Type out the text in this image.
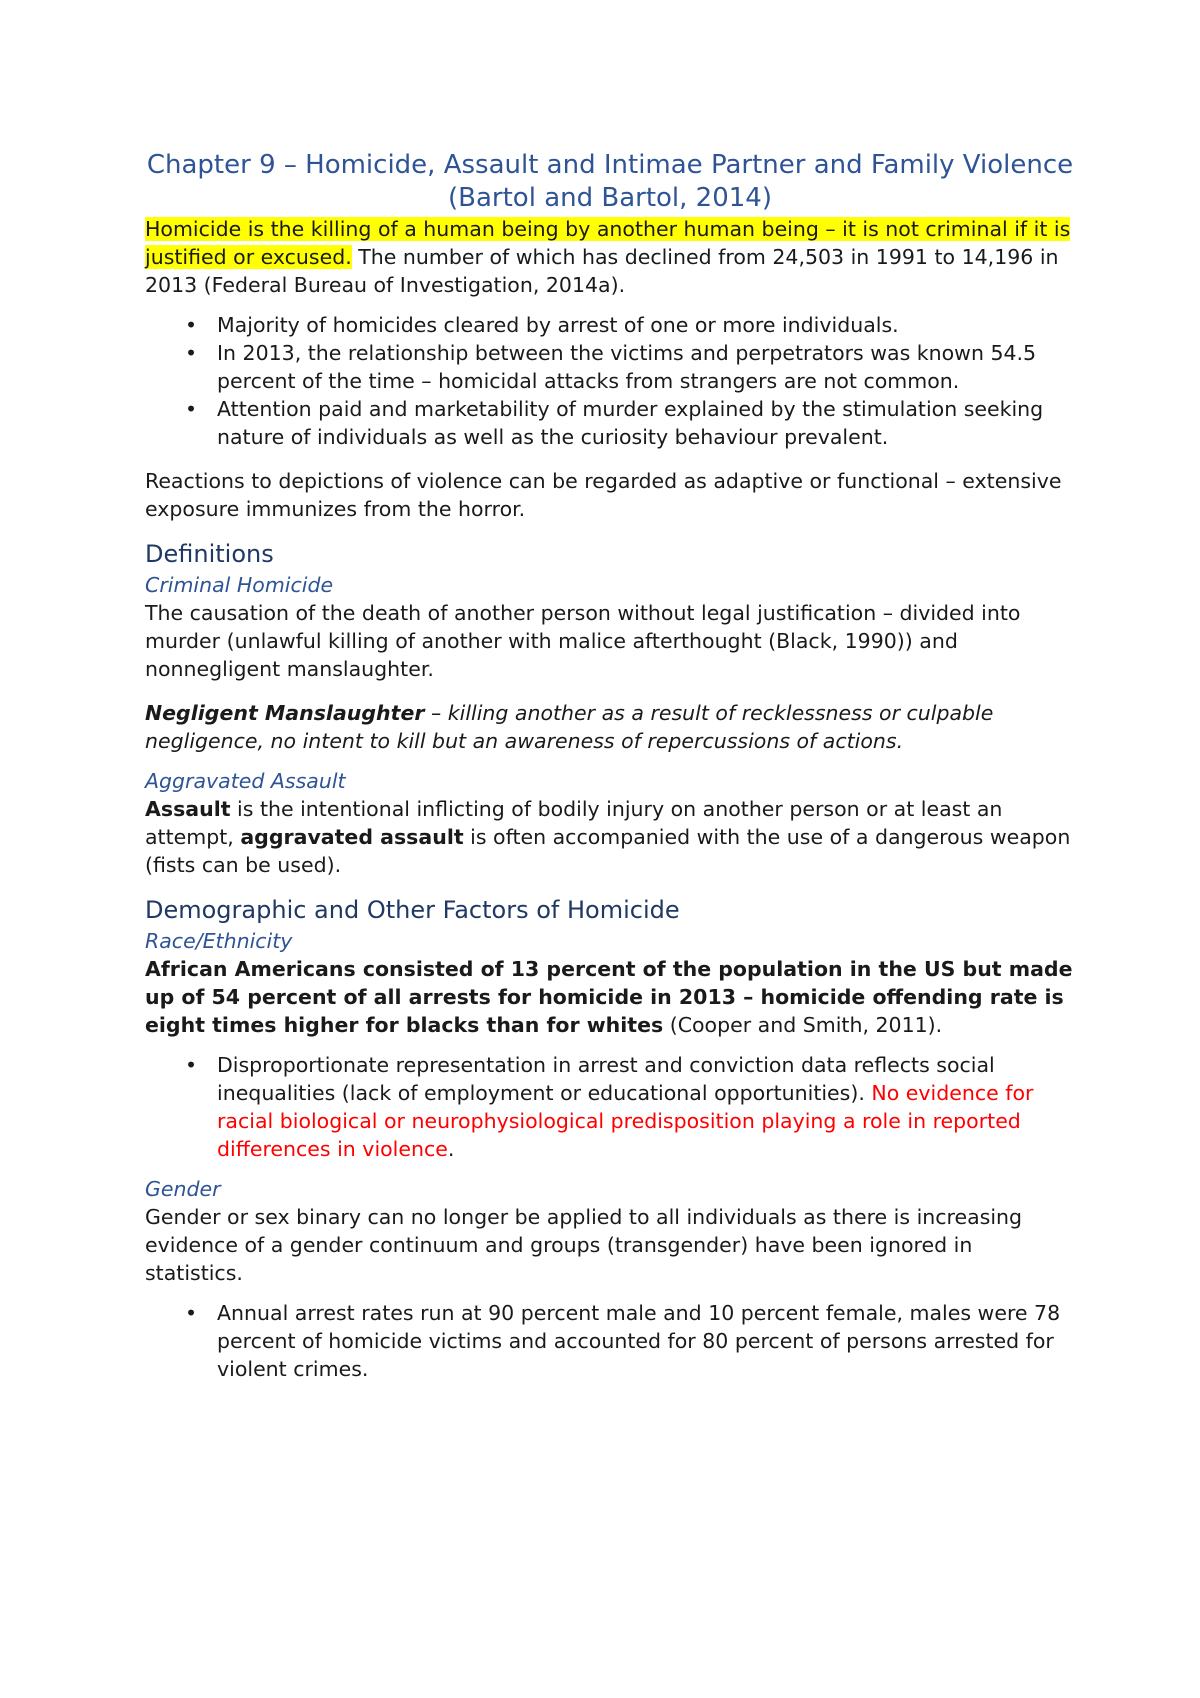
Chapter 9 – Homicide, Assault and Intimae Partner and Family Violence (Bartol and Bartol, 2014)

Homicide is the killing of a human being by another human being – it is not criminal if it is justified or excused. The number of which has declined from 24,503 in 1991 to 14,196 in 2013 (Federal Bureau of Investigation, 2014a).

• Majority of homicides cleared by arrest of one or more individuals.
• In 2013, the relationship between the victims and perpetrators was known 54.5 percent of the time – homicidal attacks from strangers are not common.
• Attention paid and marketability of murder explained by the stimulation seeking nature of individuals as well as the curiosity behaviour prevalent.

Reactions to depictions of violence can be regarded as adaptive or functional – extensive exposure immunizes from the horror.

Definitions
Criminal Homicide

The causation of the death of another person without legal justification – divided into murder (unlawful killing of another with malice afterthought (Black, 1990)) and nonnegligent manslaughter.

Negligent Manslaughter – killing another as a result of recklessness or culpable negligence, no intent to kill but an awareness of repercussions of actions.

Aggravated Assault

Assault is the intentional inflicting of bodily injury on another person or at least an attempt, aggravated assault is often accompanied with the use of a dangerous weapon (fists can be used).

Demographic and Other Factors of Homicide
Race/Ethnicity

African Americans consisted of 13 percent of the population in the US but made up of 54 percent of all arrests for homicide in 2013 – homicide offending rate is eight times higher for blacks than for whites (Cooper and Smith, 2011).

• Disproportionate representation in arrest and conviction data reflects social inequalities (lack of employment or educational opportunities). No evidence for racial biological or neurophysiological predisposition playing a role in reported differences in violence.
Gender

Gender or sex binary can no longer be applied to all individuals as there is increasing evidence of a gender continuum and groups (transgender) have been ignored in statistics.

• Annual arrest rates run at 90 percent male and 10 percent female, males were 78 percent of homicide victims and accounted for 80 percent of persons arrested for violent crimes.
